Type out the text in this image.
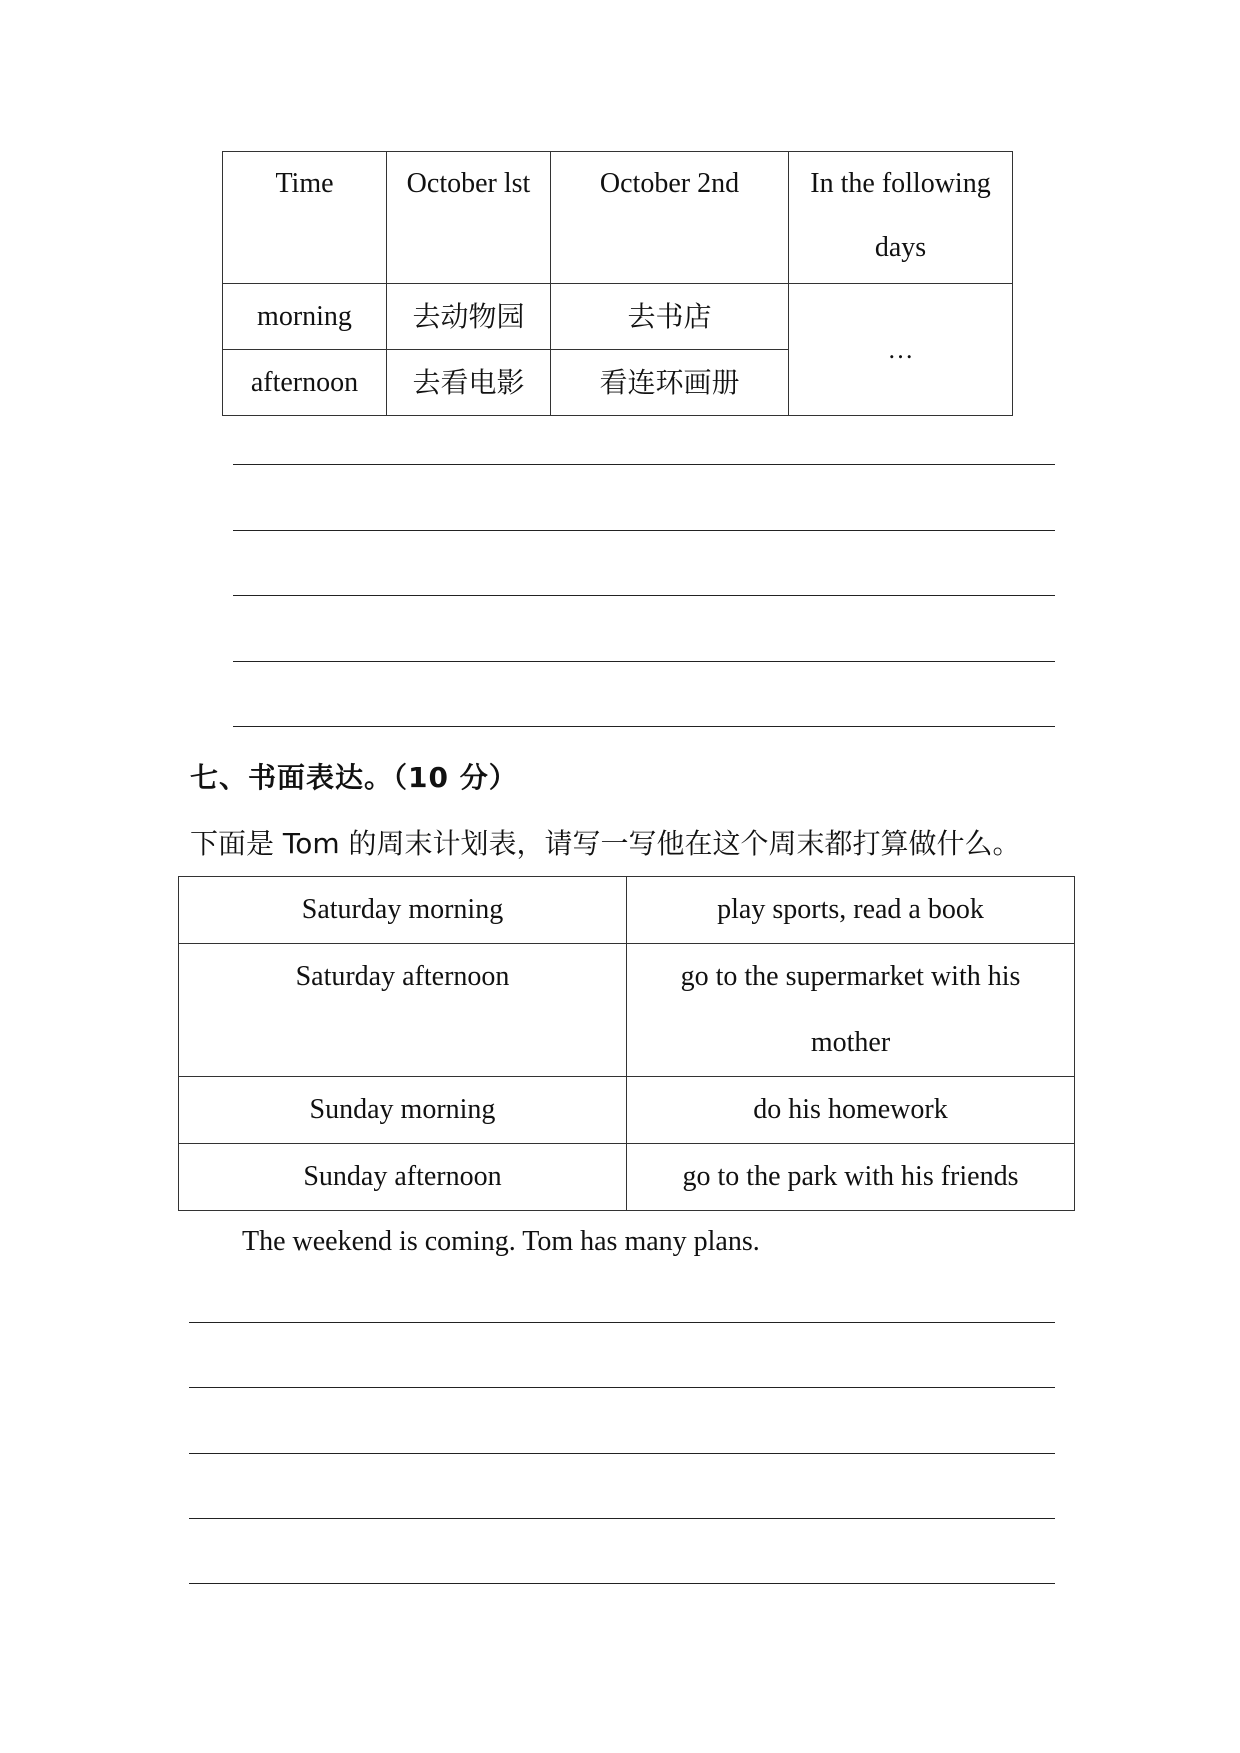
Time	October lst	October 2nd	In the following days
morning	去动物园	去书店	…
afternoon	去看电影	看连环画册	
七、书面表达。（10 分）
下面是 Tom 的周末计划表，请写一写他在这个周末都打算做什么。
Saturday morning	play sports, read a book
Saturday afternoon	go to the supermarket with his mother
Sunday morning	do his homework
Sunday afternoon	go to the park with his friends
The weekend is coming. Tom has many plans.
